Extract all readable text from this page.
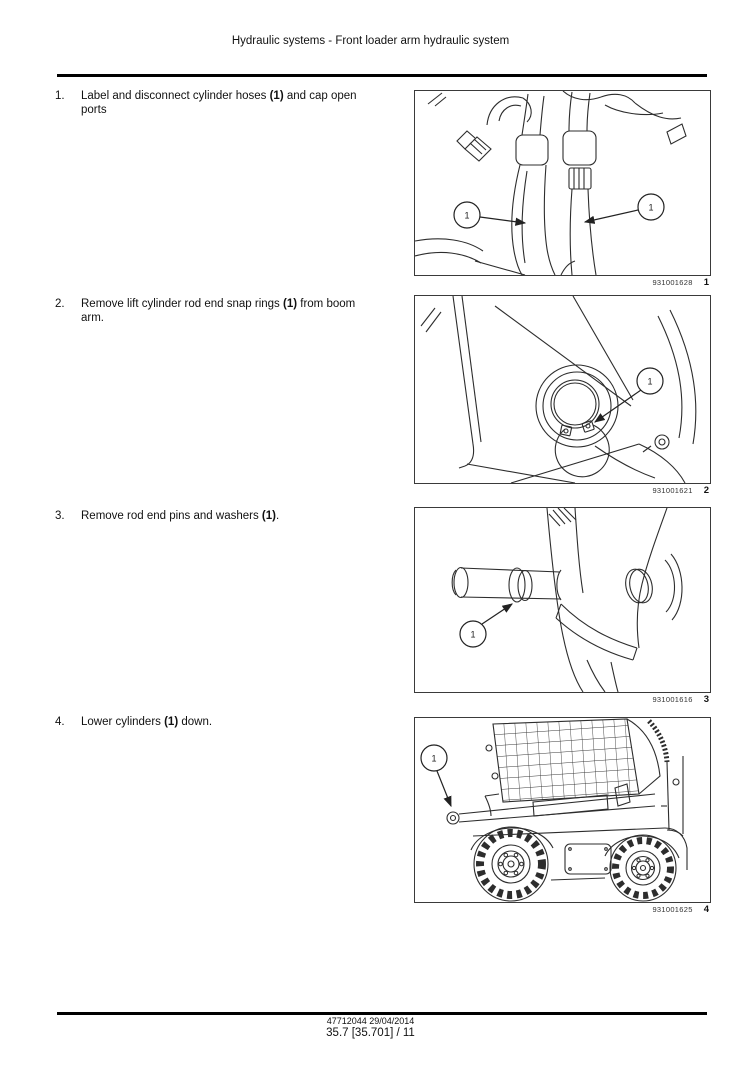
Hydraulic systems - Front loader arm hydraulic system
1.	Label and disconnect cylinder hoses (1) and cap open ports

2.	Remove lift cylinder rod end snap rings (1) from boom arm.

3.	Remove rod end pins and washers (1).

4.	Lower cylinders (1) down.

1
1
931001628 1
1
931001621 2
1
931001616 3
1
931001625 4
47712044 29/04/2014
35.7 [35.701] / 11
